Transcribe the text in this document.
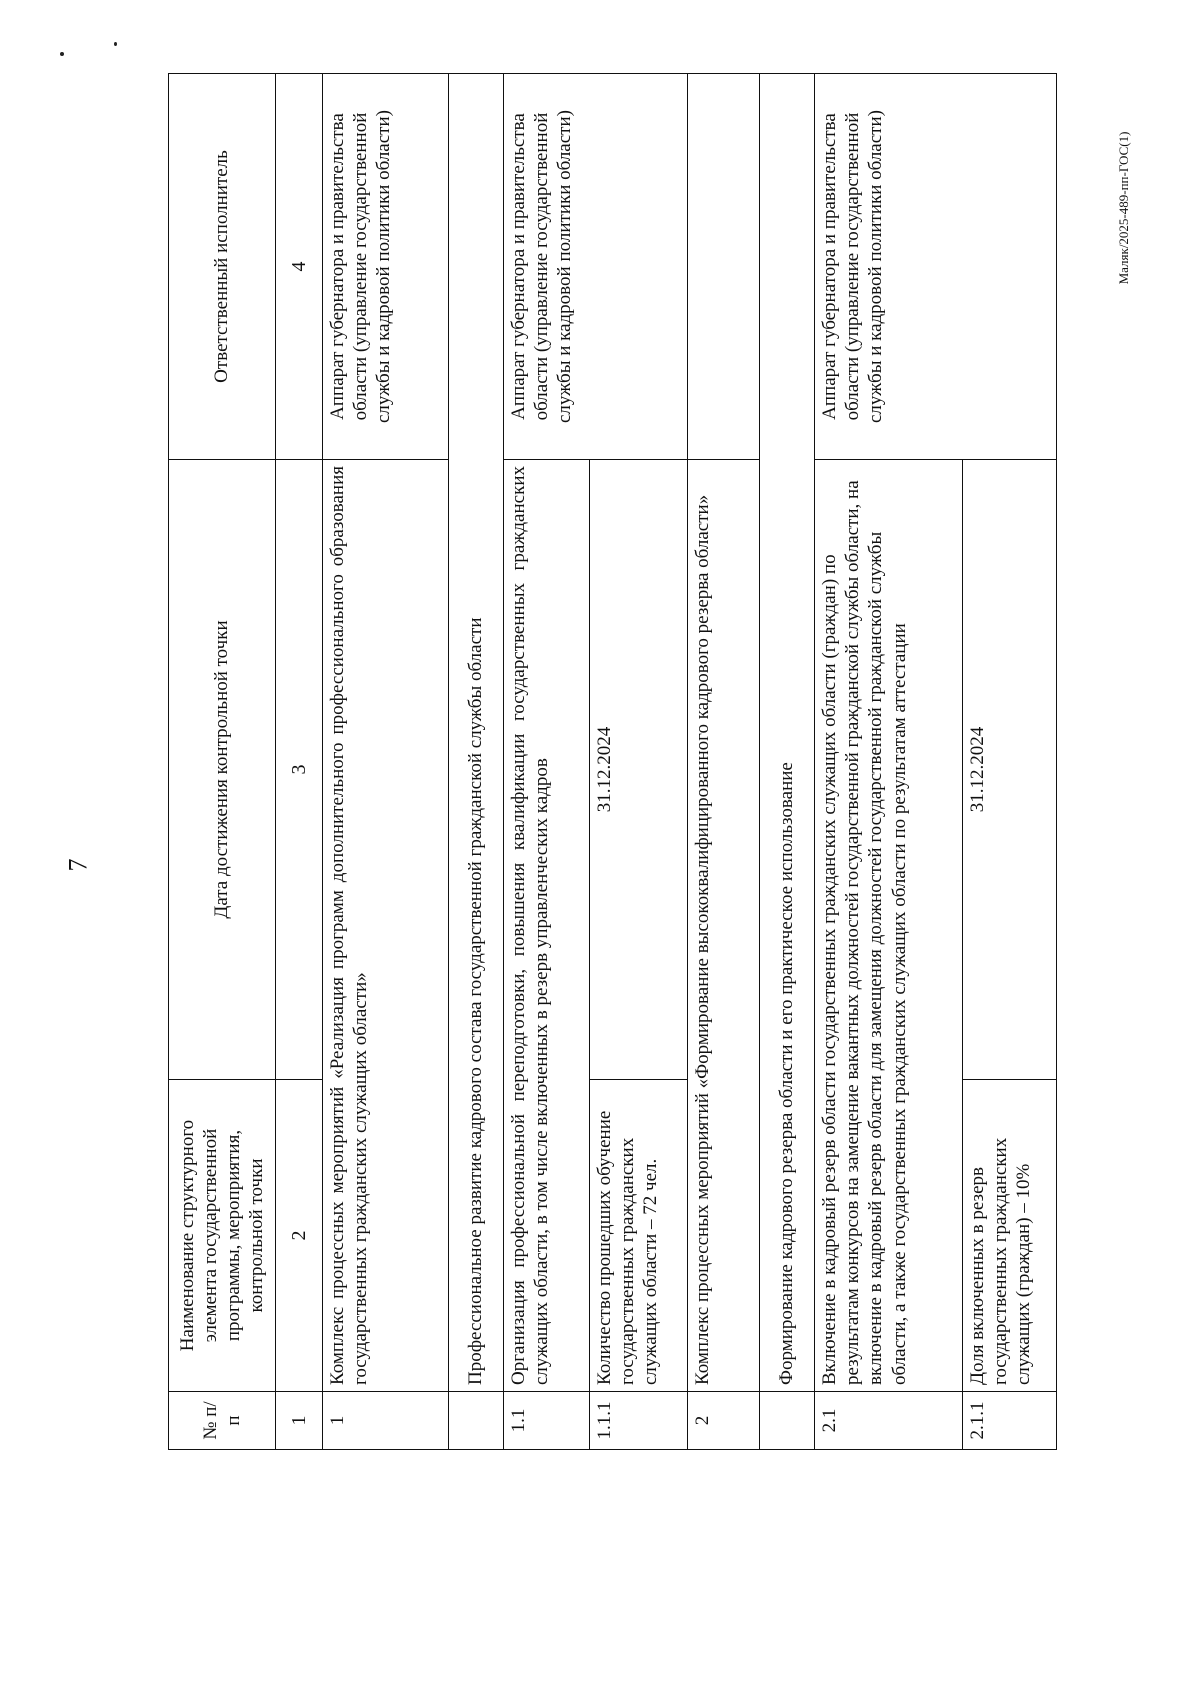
7
Маляк/2025-489-пп-ГОС(1)
№ п/п	Наименование структурного элемента государственной программы, мероприятия, контрольной точки	Дата достижения контрольной точки	Ответственный исполнитель
1	2	3	4
1	Комплекс процессных мероприятий «Реализация программ дополнительного профессионального образования государственных гражданских служащих области»		Аппарат губернатора и правительства области (управление государственной службы и кадровой политики области)
	Профессиональное развитие кадрового состава государственной гражданской службы области		
1.1	Организация профессиональной переподготовки, повышения квалификации государственных гражданских служащих области, в том числе включенных в резерв управленческих кадров		Аппарат губернатора и правительства области (управление государственной службы и кадровой политики области)
1.1.1	Количество прошедших обучение государственных гражданских служащих области – 72 чел.	31.12.2024	
2	Комплекс процессных мероприятий «Формирование высококвалифицированного кадрового резерва области»		
	Формирование кадрового резерва области и его практическое использование		
2.1	Включение в кадровый резерв области государственных гражданских служащих области (граждан) по результатам конкурсов на замещение вакантных должностей государственной гражданской службы области, на включение в кадровый резерв области для замещения должностей государственной гражданской службы области, а также государственных гражданских служащих области по результатам аттестации		Аппарат губернатора и правительства области (управление государственной службы и кадровой политики области)
2.1.1	Доля включенных в резерв государственных гражданских служащих (граждан) – 10%	31.12.2024	
